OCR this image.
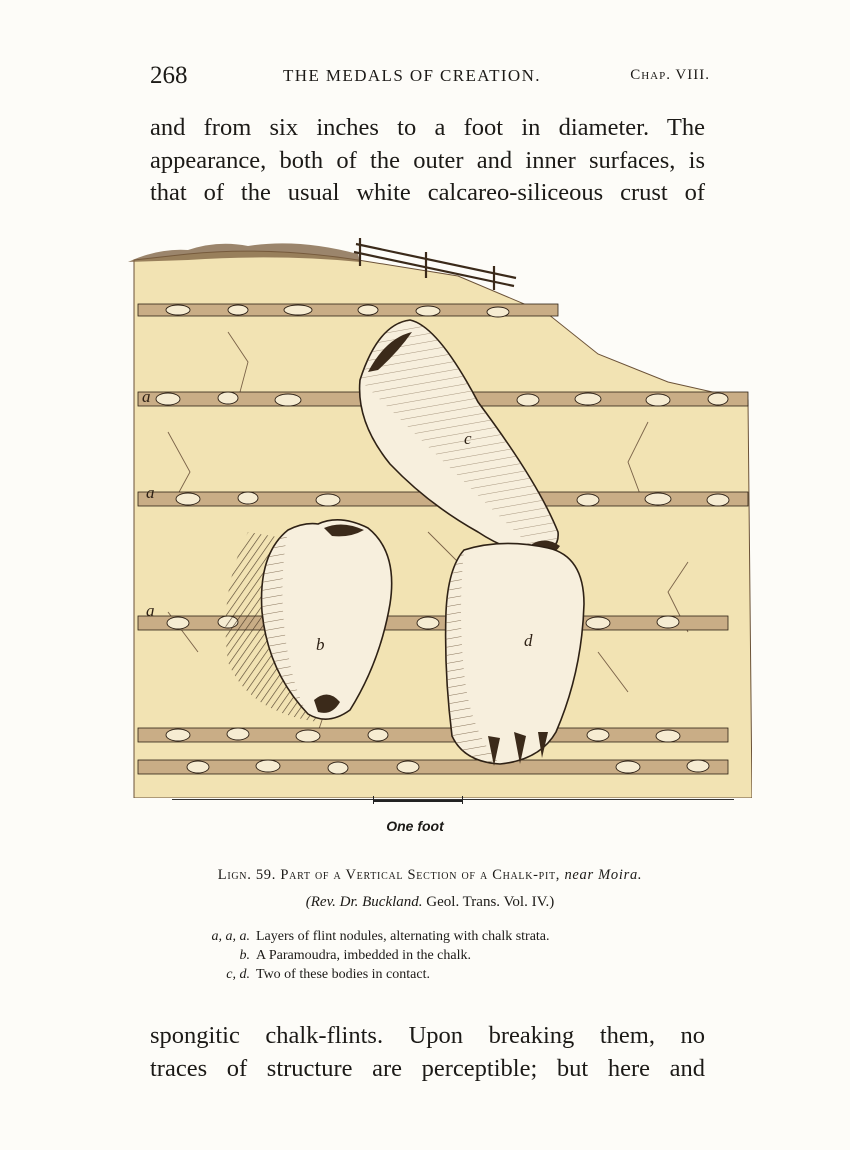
268	THE MEDALS OF CREATION.	Chap. VIII.
and from six inches to a foot in diameter. The
appearance, both of the outer and inner surfaces, is
that of the usual white calcareo-siliceous crust of
a
a
a
b
c
d
One foot
Lign. 59. Part of a Vertical Section of a Chalk-pit, near Moira.
(Rev. Dr. Buckland. Geol. Trans. Vol. IV.)
a, a, a. Layers of flint nodules, alternating with chalk strata.
b. A Paramoudra, imbedded in the chalk.
c, d. Two of these bodies in contact.
spongitic chalk-flints. Upon breaking them, no
traces of structure are perceptible; but here and
